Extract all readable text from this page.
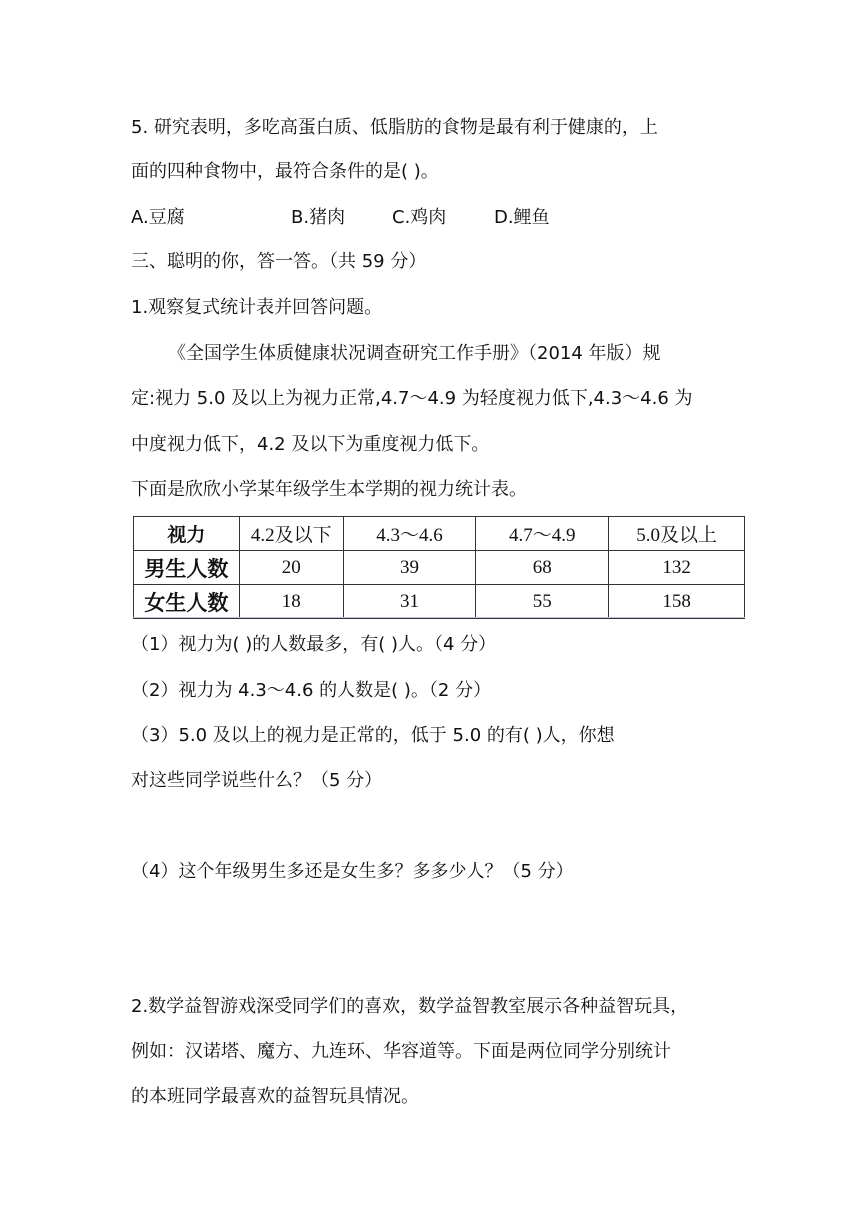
5. 研究表明，多吃高蛋白质、低脂肪的食物是最有利于健康的，上
面的四种食物中，最符合条件的是( )。
A.豆腐	B.猪肉	C.鸡肉	D.鲤鱼
三、聪明的你，答一答。（共 59 分）
1.观察复式统计表并回答问题。
《全国学生体质健康状况调查研究工作手册》（2014 年版）规
定:视力 5.0 及以上为视力正常,4.7～4.9 为轻度视力低下,4.3～4.6 为
中度视力低下，4.2 及以下为重度视力低下。
下面是欣欣小学某年级学生本学期的视力统计表。
视力	4.2及以下	4.3～4.6	4.7～4.9	5.0及以上
男生人数	20	39	68	132
女生人数	18	31	55	158
（1）视力为( )的人数最多，有( )人。（4 分）
（2）视力为 4.3～4.6 的人数是( )。（2 分）
（3）5.0 及以上的视力是正常的，低于 5.0 的有( )人，你想
对这些同学说些什么？（5 分）
（4）这个年级男生多还是女生多？多多少人？（5 分）
2.数学益智游戏深受同学们的喜欢，数学益智教室展示各种益智玩具，
例如：汉诺塔、魔方、九连环、华容道等。下面是两位同学分别统计
的本班同学最喜欢的益智玩具情况。
